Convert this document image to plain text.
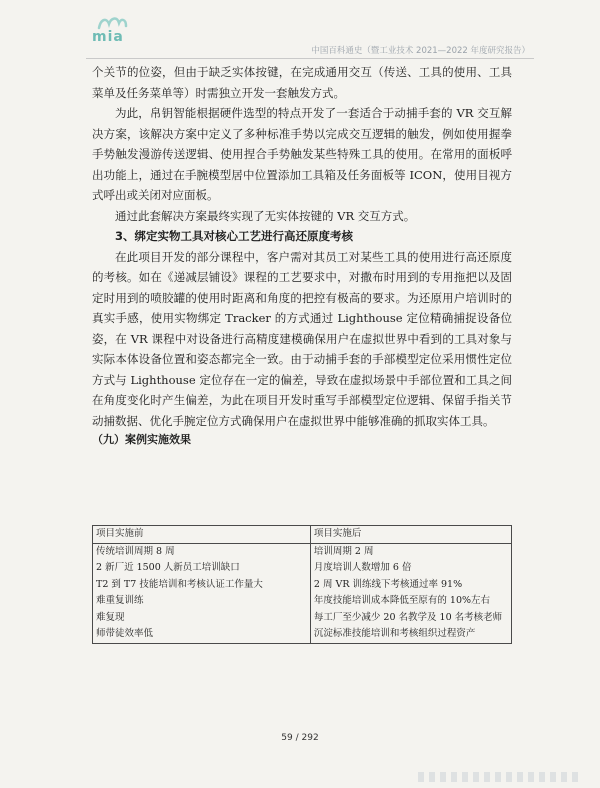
mia
中国百科通史（暨工业技术 2021—2022 年度研究报告）

个关节的位姿，但由于缺乏实体按键，在完成通用交互（传送、工具的使用、工具菜单及任务菜单等）时需独立开发一套触发方式。

为此，帛钥智能根据硬件选型的特点开发了一套适合于动捕手套的 VR 交互解决方案，该解决方案中定义了多种标准手势以完成交互逻辑的触发，例如使用握拳手势触发漫游传送逻辑、使用捏合手势触发某些特殊工具的使用。在常用的面板呼出功能上，通过在手腕模型居中位置添加工具箱及任务面板等 ICON，使用目视方式呼出或关闭对应面板。

通过此套解决方案最终实现了无实体按键的 VR 交互方式。

3、绑定实物工具对核心工艺进行高还原度考核

在此项目开发的部分课程中，客户需对其员工对某些工具的使用进行高还原度的考核。如在《递减层铺设》课程的工艺要求中，对撒布时用到的专用拖把以及固定时用到的喷胶罐的使用时距离和角度的把控有极高的要求。为还原用户培训时的真实手感，使用实物绑定 Tracker 的方式通过 Lighthouse 定位精确捕捉设备位姿，在 VR 课程中对设备进行高精度建模确保用户在虚拟世界中看到的工具对象与实际本体设备位置和姿态都完全一致。由于动捕手套的手部模型定位采用惯性定位方式与 Lighthouse 定位存在一定的偏差，导致在虚拟场景中手部位置和工具之间在角度变化时产生偏差，为此在项目开发时重写手部模型定位逻辑、保留手指关节动捕数据、优化手腕定位方式确保用户在虚拟世界中能够准确的抓取实体工具。

（九）案例实施效果

项目实施前	项目实施后
传统培训周期 8 周	培训周期 2 周
2 新厂近 1500 人新员工培训缺口	月度培训人数增加 6 倍
T2 到 T7 技能培训和考核认证工作量大	2 周 VR 训练线下考核通过率 91%
难重复训练	年度技能培训成本降低至原有的 10%左右
难复现	每工厂至少减少 20 名教学及 10 名考核老师
师带徒效率低	沉淀标准技能培训和考核组织过程资产
59 / 292
